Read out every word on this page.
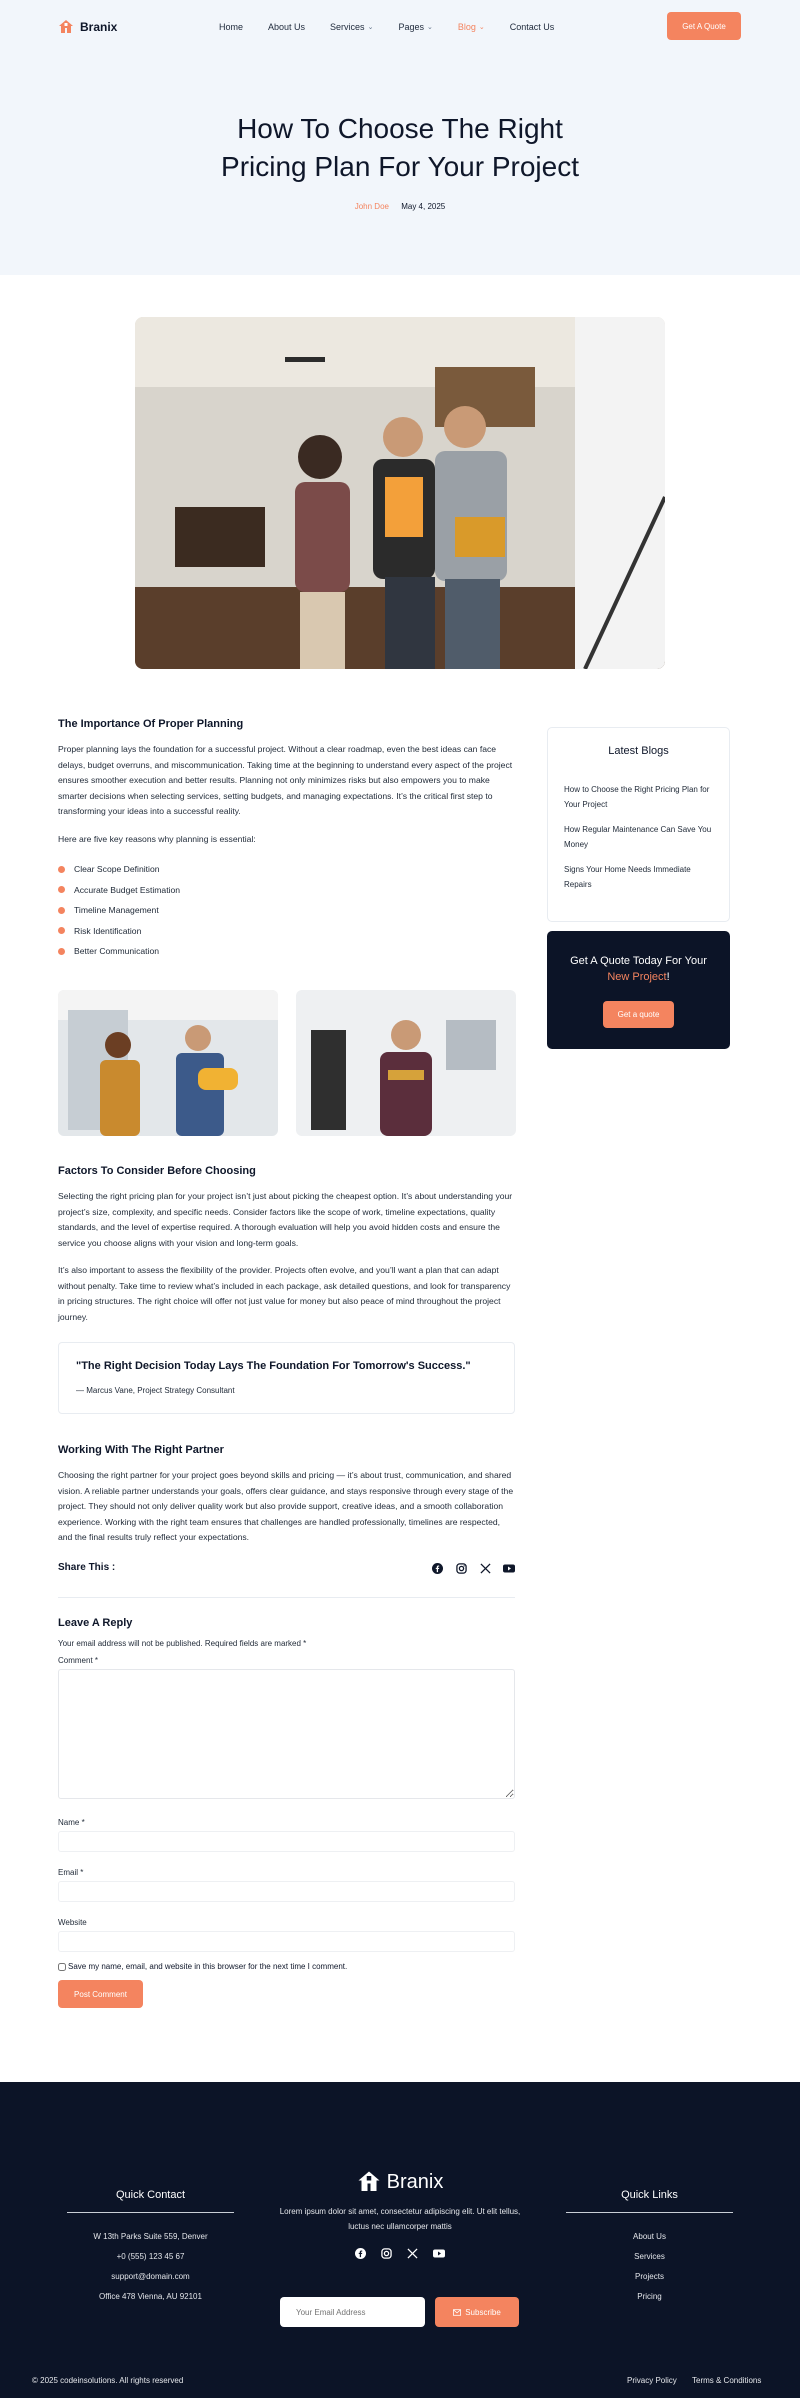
Branix	Home	About Us	Services ⌄	Pages ⌄	Blog ⌄	Contact Us	Get A Quote
How To Choose The Right Pricing Plan For Your Project
John Doe May 4, 2025
The Importance Of Proper Planning

Proper planning lays the foundation for a successful project. Without a clear roadmap, even the best ideas can face delays, budget overruns, and miscommunication. Taking time at the beginning to understand every aspect of the project ensures smoother execution and better results. Planning not only minimizes risks but also empowers you to make smarter decisions when selecting services, setting budgets, and managing expectations. It’s the critical first step to transforming your ideas into a successful reality.

Here are five key reasons why planning is essential:

Clear Scope Definition
Accurate Budget Estimation
Timeline Management
Risk Identification
Better Communication
Factors To Consider Before Choosing

Selecting the right pricing plan for your project isn’t just about picking the cheapest option. It’s about understanding your project’s size, complexity, and specific needs. Consider factors like the scope of work, timeline expectations, quality standards, and the level of expertise required. A thorough evaluation will help you avoid hidden costs and ensure the service you choose aligns with your vision and long-term goals.

It’s also important to assess the flexibility of the provider. Projects often evolve, and you’ll want a plan that can adapt without penalty. Take time to review what’s included in each package, ask detailed questions, and look for transparency in pricing structures. The right choice will offer not just value for money but also peace of mind throughout the project journey.

"The Right Decision Today Lays The Foundation For Tomorrow's Success."
— Marcus Vane, Project Strategy Consultant
Working With The Right Partner

Choosing the right partner for your project goes beyond skills and pricing — it’s about trust, communication, and shared vision. A reliable partner understands your goals, offers clear guidance, and stays responsive through every stage of the project. They should not only deliver quality work but also provide support, creative ideas, and a smooth collaboration experience. Working with the right team ensures that challenges are handled professionally, timelines are respected, and the final results truly reflect your expectations.

Share This :
Leave A Reply
Your email address will not be published. Required fields are marked *
Comment *
Name *
Email *
Website
Save my name, email, and website in this browser for the next time I comment.
Post Comment
Latest Blogs
How to Choose the Right Pricing Plan for Your Project
How Regular Maintenance Can Save You Money
Signs Your Home Needs Immediate Repairs
Get A Quote Today For Your
New Project!
Get a quote
Quick Contact
W 13th Parks Suite 559, Denver
+0 (555) 123 45 67
support@domain.com
Office 478 Vienna, AU 92101
Branix
Lorem ipsum dolor sit amet, consectetur adipiscing elit. Ut elit tellus, luctus nec ullamcorper mattis
Quick Links
About Us
Services
Projects
Pricing
Your Email Address
Subscribe
© 2025 codeinsolutions. All rights reserved	Privacy Policy Terms & Conditions
